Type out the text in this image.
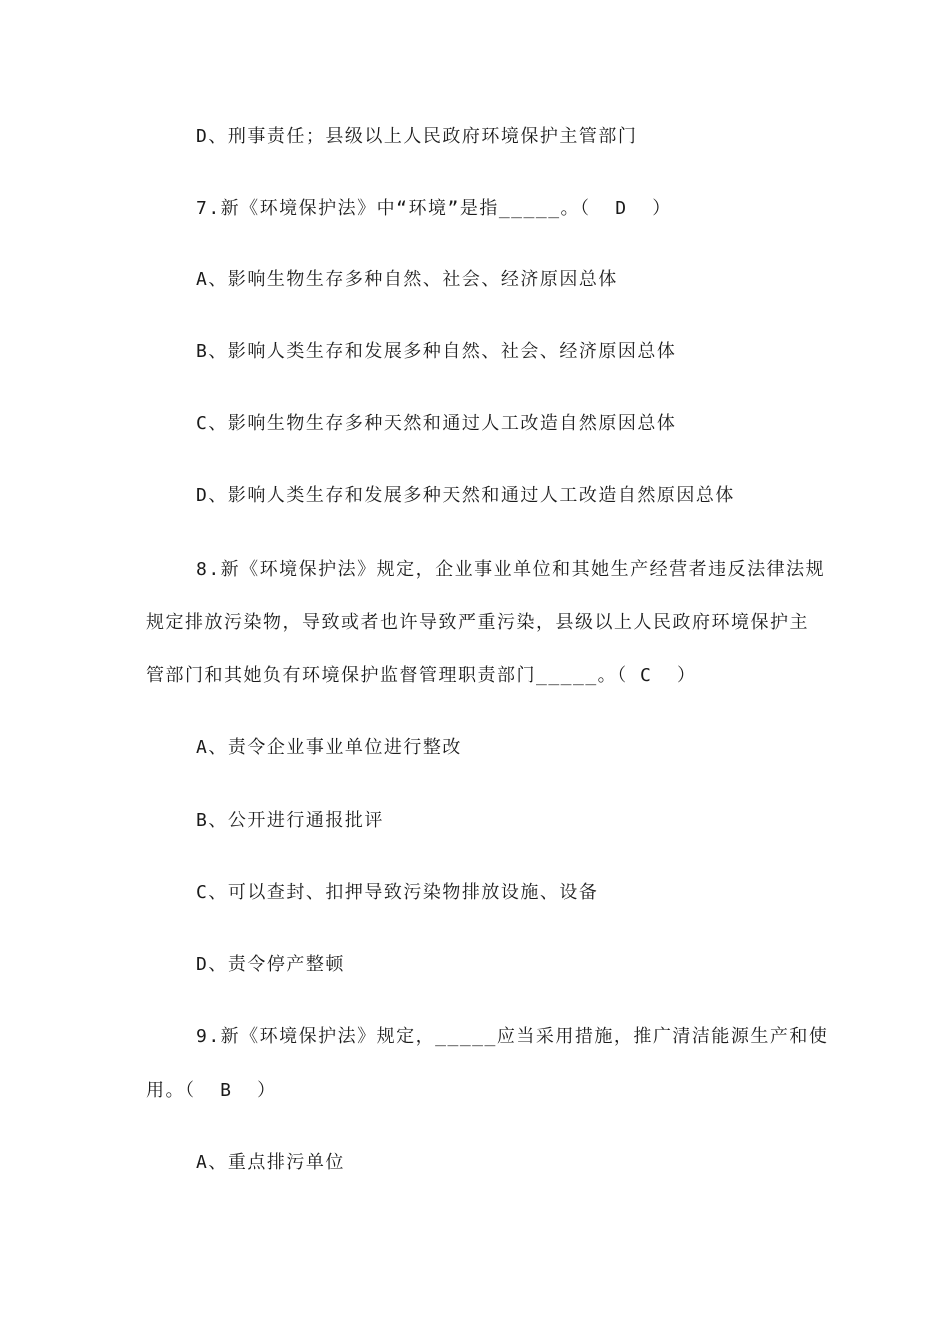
D、刑事责任；县级以上人民政府环境保护主管部门
7.新《环境保护法》中“环境”是指_____。（  D  ）
A、影响生物生存多种自然、社会、经济原因总体
B、影响人类生存和发展多种自然、社会、经济原因总体
C、影响生物生存多种天然和通过人工改造自然原因总体
D、影响人类生存和发展多种天然和通过人工改造自然原因总体
8.新《环境保护法》规定，企业事业单位和其她生产经营者违反法律法规
规定排放污染物，导致或者也许导致严重污染，县级以上人民政府环境保护主
管部门和其她负有环境保护监督管理职责部门_____。（ C  ）
A、责令企业事业单位进行整改
B、公开进行通报批评
C、可以查封、扣押导致污染物排放设施、设备
D、责令停产整顿
9.新《环境保护法》规定，_____应当采用措施，推广清洁能源生产和使
用。（  B  ）
A、重点排污单位
